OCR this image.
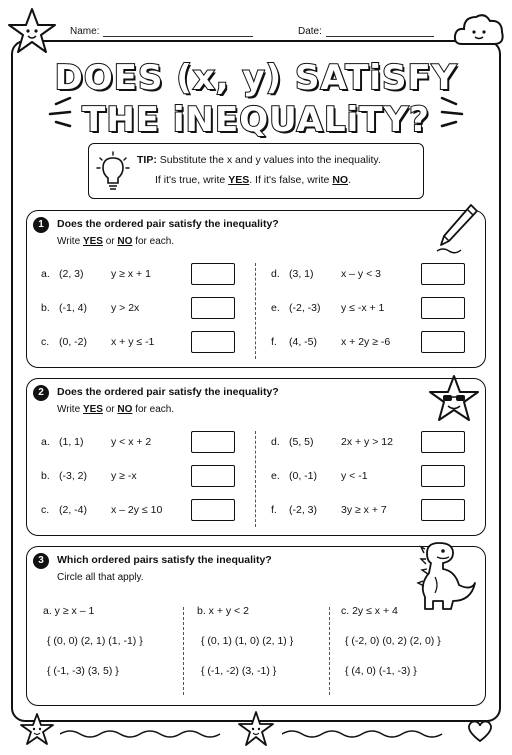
Name:	Date:
DOES (x, y) SATiSFY
THE iNEQUALiTY?
TIP: Substitute the x and y values into the inequality.
If it's true, write YES. If it's false, write NO.
1	Does the ordered pair satisfy the inequality?
Write YES or NO for each.
a. (2, 3)	y ≥ x + 1
b. (-1, 4) y > 2x
c. (0, -2) x + y ≤ -1
d. (3, 1)	x – y < 3
e. (-2, -3) y ≤ -x + 1
f. (4, -5) x + 2y ≥ -6
2	Does the ordered pair satisfy the inequality?
Write YES or NO for each.
a. (1, 1)	y < x + 2
b. (-3, 2) y ≥ -x
c. (2, -4) x – 2y ≤ 10
d. (5, 5)	2x + y > 12
e. (0, -1) y < -1
f. (-2, 3) 3y ≥ x + 7
3	Which ordered pairs satisfy the inequality?
Circle all that apply.
a. y ≥ x – 1
{ (0, 0) (2, 1) (1, -1) }
{ (-1, -3) (3, 5) }
b. x + y < 2
{ (0, 1) (1, 0) (2, 1) }
{ (-1, -2) (3, -1) }
c. 2y ≤ x + 4
{ (-2, 0) (0, 2) (2, 0) }
{ (4, 0) (-1, -3) }
